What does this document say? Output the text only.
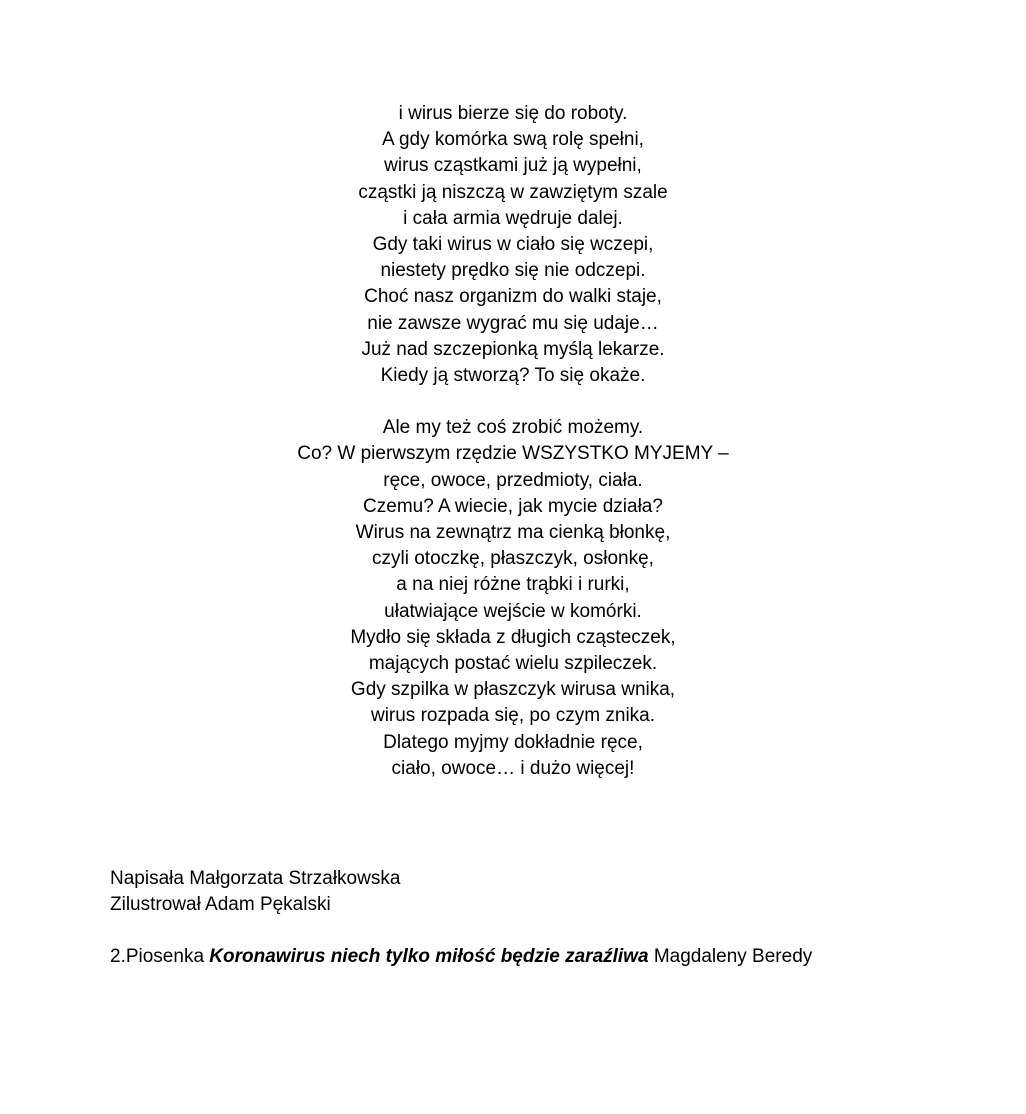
i wirus bierze się do roboty.
A gdy komórka swą rolę spełni,
wirus cząstkami już ją wypełni,
cząstki ją niszczą w zawziętym szale
i cała armia wędruje dalej.
Gdy taki wirus w ciało się wczepi,
niestety prędko się nie odczepi.
Choć nasz organizm do walki staje,
nie zawsze wygrać mu się udaje…
Już nad szczepionką myślą lekarze.
Kiedy ją stworzą? To się okaże.
Ale my też coś zrobić możemy.
Co? W pierwszym rzędzie WSZYSTKO MYJEMY –
ręce, owoce, przedmioty, ciała.
Czemu? A wiecie, jak mycie działa?
Wirus na zewnątrz ma cienką błonkę,
czyli otoczkę, płaszczyk, osłonkę,
a na niej różne trąbki i rurki,
ułatwiające wejście w komórki.
Mydło się składa z długich cząsteczek,
mających postać wielu szpileczek.
Gdy szpilka w płaszczyk wirusa wnika,
wirus rozpada się, po czym znika.
Dlatego myjmy dokładnie ręce,
ciało, owoce… i dużo więcej!
Napisała Małgorzata Strzałkowska
Zilustrował Adam Pękalski
2.Piosenka Koronawirus niech tylko miłość będzie zaraźliwa Magdaleny Beredy
